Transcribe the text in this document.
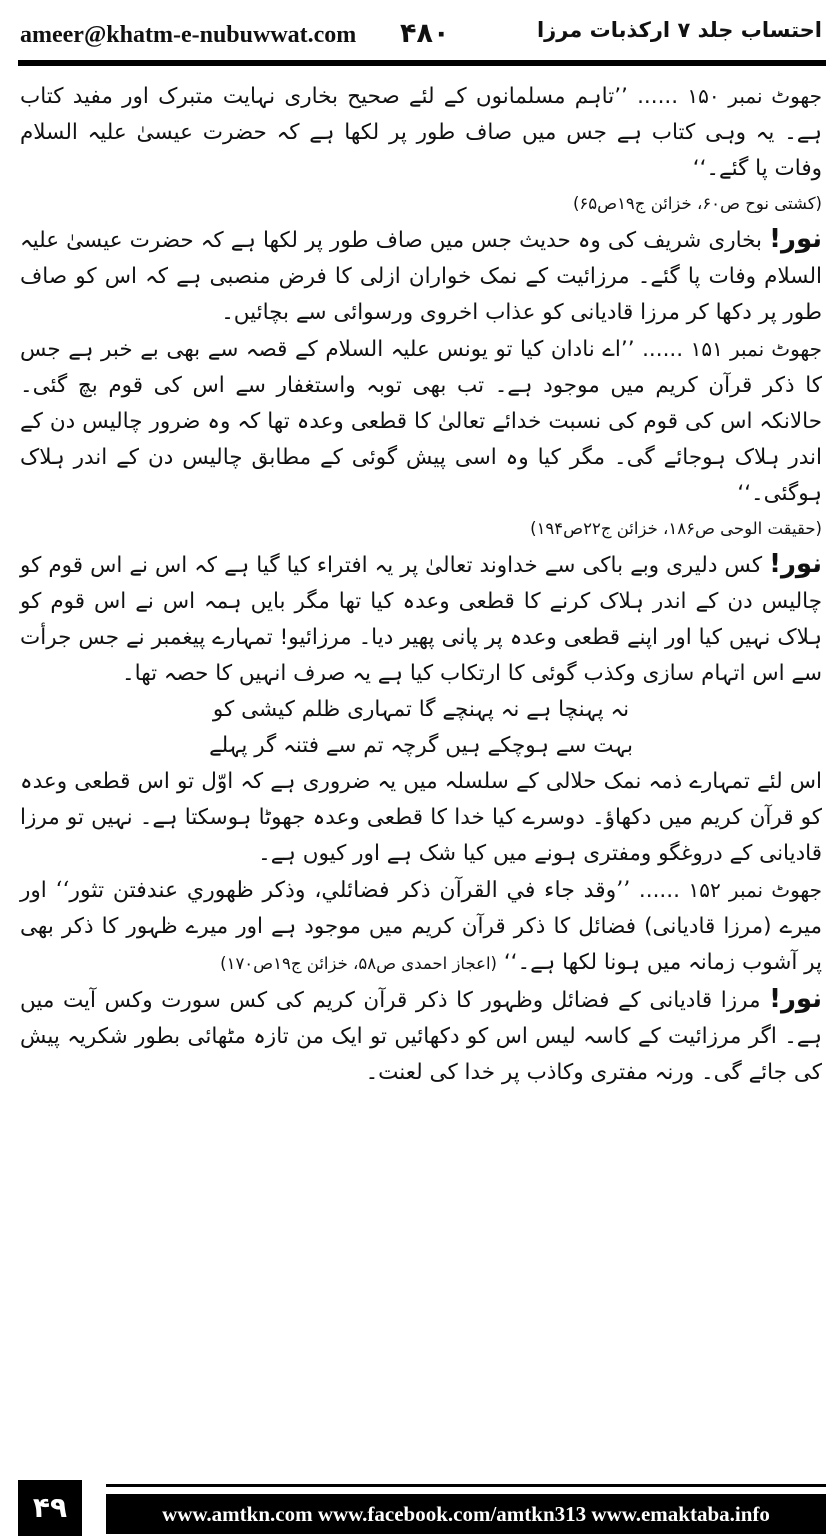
ameer@khatm-e-nubuwwat.com ۴۸۰	احتساب جلد ۷ ارکذبات مرزا

جھوٹ نمبر ۱۵۰ ...... ’’تاہم مسلمانوں کے لئے صحیح بخاری نہایت متبرک اور مفید کتاب ہے۔ یہ وہی کتاب ہے جس میں صاف طور پر لکھا ہے کہ حضرت عیسیٰ علیہ السلام وفات پا گئے۔‘‘

(کشتی نوح ص۶۰، خزائن ج۱۹ص۶۵)

نور! بخاری شریف کی وہ حدیث جس میں صاف طور پر لکھا ہے کہ حضرت عیسیٰ علیہ السلام وفات پا گئے۔ مرزائیت کے نمک خواران ازلی کا فرض منصبی ہے کہ اس کو صاف طور پر دکھا کر مرزا قادیانی کو عذاب اخروی ورسوائی سے بچائیں۔

جھوٹ نمبر ۱۵۱ ...... ’’اے نادان کیا تو یونس علیہ السلام کے قصہ سے بھی بے خبر ہے جس کا ذکر قرآن کریم میں موجود ہے۔ تب بھی توبہ واستغفار سے اس کی قوم بچ گئی۔ حالانکہ اس کی قوم کی نسبت خدائے تعالیٰ کا قطعی وعدہ تھا کہ وہ ضرور چالیس دن کے اندر ہلاک ہوجائے گی۔ مگر کیا وہ اسی پیش گوئی کے مطابق چالیس دن کے اندر ہلاک ہوگئی۔‘‘

(حقیقت الوحی ص۱۸۶، خزائن ج۲۲ص۱۹۴)

نور! کس دلیری وبے باکی سے خداوند تعالیٰ پر یہ افتراء کیا گیا ہے کہ اس نے اس قوم کو چالیس دن کے اندر ہلاک کرنے کا قطعی وعدہ کیا تھا مگر بایں ہمہ اس نے اس قوم کو ہلاک نہیں کیا اور اپنے قطعی وعدہ پر پانی پھیر دیا۔ مرزائیو! تمہارے پیغمبر نے جس جرأت سے اس اتہام سازی وکذب گوئی کا ارتکاب کیا ہے یہ صرف انہیں کا حصہ تھا۔

نہ پہنچا ہے نہ پہنچے گا تمہاری ظلم کیشی کو

بہت سے ہوچکے ہیں گرچہ تم سے فتنہ گر پہلے

اس لئے تمہارے ذمہ نمک حلالی کے سلسلہ میں یہ ضروری ہے کہ اوّل تو اس قطعی وعدہ کو قرآن کریم میں دکھاؤ۔ دوسرے کیا خدا کا قطعی وعدہ جھوٹا ہوسکتا ہے۔ نہیں تو مرزا قادیانی کے دروغگو ومفتری ہونے میں کیا شک ہے اور کیوں ہے۔

جھوٹ نمبر ۱۵۲ ...... ’’وقد جاء في القرآن ذكر فضائلي، وذكر ظهوري عندفتن تثور‘‘ اور میرے (مرزا قادیانی) فضائل کا ذکر قرآن کریم میں موجود ہے اور میرے ظہور کا ذکر بھی پر آشوب زمانہ میں ہونا لکھا ہے۔‘‘ (اعجاز احمدی ص۵۸، خزائن ج۱۹ص۱۷۰)

نور! مرزا قادیانی کے فضائل وظہور کا ذکر قرآن کریم کی کس سورت وکس آیت میں ہے۔ اگر مرزائیت کے کاسہ لیس اس کو دکھائیں تو ایک من تازہ مٹھائی بطور شکریہ پیش کی جائے گی۔ ورنہ مفتری وکاذب پر خدا کی لعنت۔

۴۹	www.amtkn.com www.facebook.com/amtkn313 www.emaktaba.info
